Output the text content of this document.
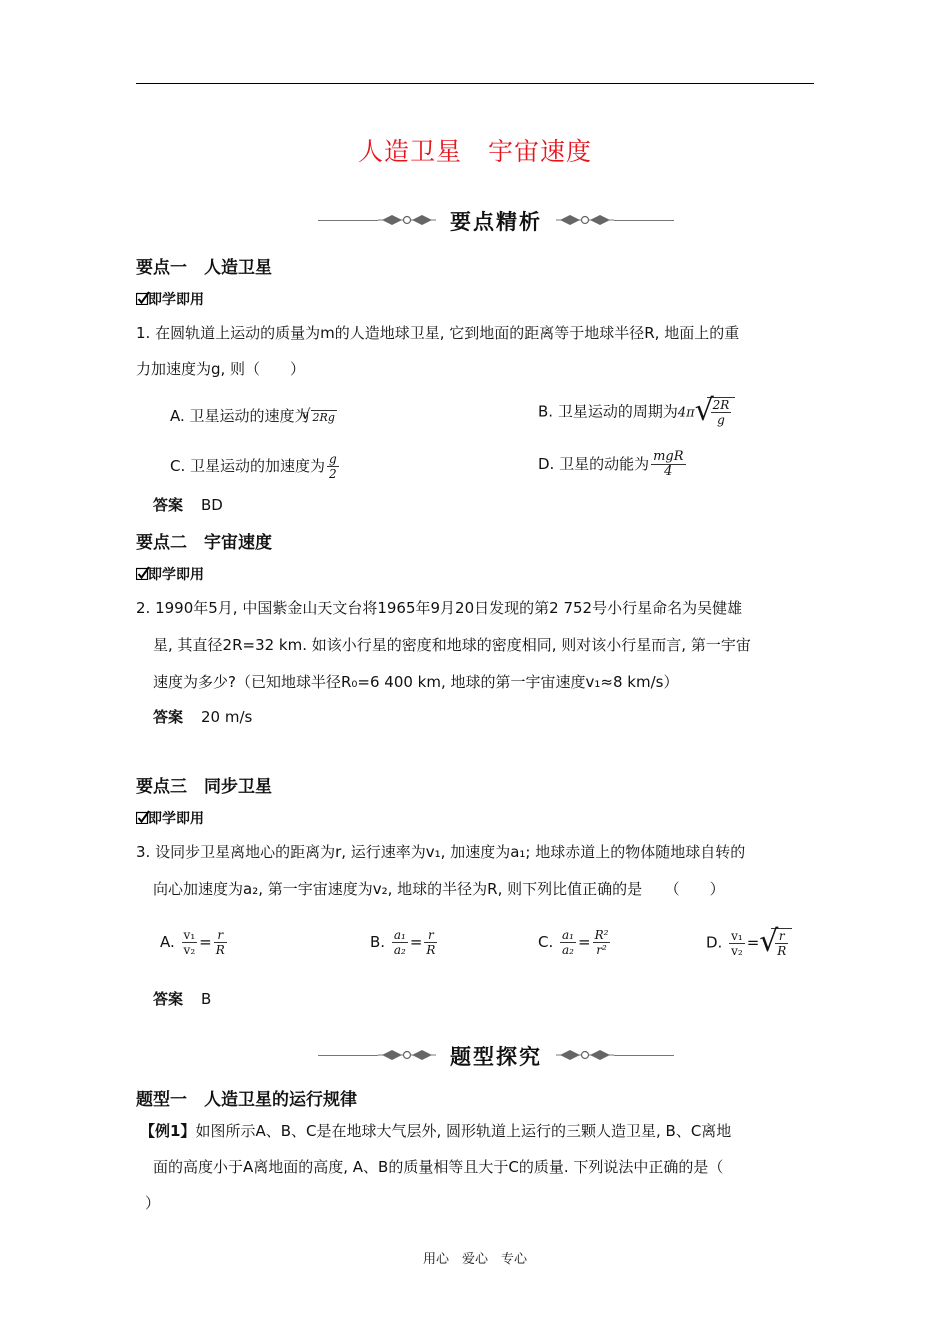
人造卫星　宇宙速度
要点精析
要点一　人造卫星
即学即用
1. 在圆轨道上运动的质量为m的人造地球卫星, 它到地面的距离等于地球半径R, 地面上的重
力加速度为g, 则（　　）
A. 卫星运动的速度为√ 2Rg	B. 卫星运动的周期为4π √
$\frac{2R}{g}$
C. 卫星运动的加速度为 $\frac{g}{2}$	D. 卫星的动能为 $\frac{\text{mgR}}{4}$
答案 BD
要点二　宇宙速度
即学即用
2. 1990年5月, 中国紫金山天文台将1965年9月20日发现的第2 752号小行星命名为吴健雄
星, 其直径2R=32 km. 如该小行星的密度和地球的密度相同, 则对该小行星而言, 第一宇宙
速度为多少?（已知地球半径R₀=6 400 km, 地球的第一宇宙速度v₁≈8 km/s）
答案 20 m/s
要点三　同步卫星
即学即用
3. 设同步卫星离地心的距离为r, 运行速率为v₁, 加速度为a₁; 地球赤道上的物体随地球自转的
向心加速度为a₂, 第一宇宙速度为v₂, 地球的半径为R, 则下列比值正确的是　　（　　）
A. $\frac{\text{v₁}}{\text{v₂}} = \frac{r}{R}$	B. $\frac{\text{a₁}}{\text{a₂}} = \frac{r}{R}$	C. $\frac{\text{a₁}}{\text{a₂}} = \frac{\text{R²}}{\text{r²}}$	D. $\frac{\text{v₁}}{\text{v₂}}$ = √
$\frac{r}{R}$
答案 B
题型探究
题型一　人造卫星的运行规律
【例1】如图所示A、B、C是在地球大气层外, 圆形轨道上运行的三颗人造卫星, B、C离地
面的高度小于A离地面的高度, A、B的质量相等且大于C的质量. 下列说法中正确的是（
）
用心　爱心　专心
